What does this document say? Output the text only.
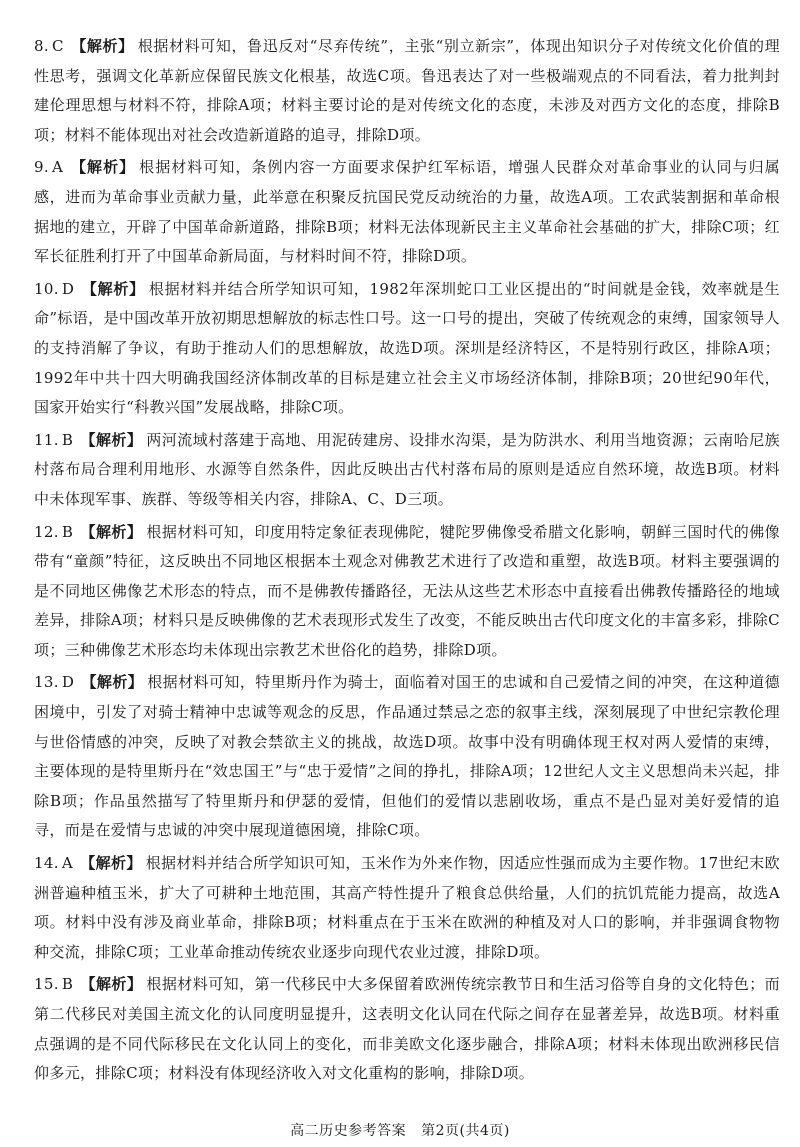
8. C 【解析】 根据材料可知，鲁迅反对“尽弃传统”，主张“别立新宗”，体现出知识分子对传统文化价值的理性思考，强调文化革新应保留民族文化根基，故选C项。鲁迅表达了对一些极端观点的不同看法，着力批判封建伦理思想与材料不符，排除A项；材料主要讨论的是对传统文化的态度，未涉及对西方文化的态度，排除B项；材料不能体现出对社会改造新道路的追寻，排除D项。

9. A 【解析】 根据材料可知，条例内容一方面要求保护红军标语，增强人民群众对革命事业的认同与归属感，进而为革命事业贡献力量，此举意在积聚反抗国民党反动统治的力量，故选A项。工农武装割据和革命根据地的建立，开辟了中国革命新道路，排除B项；材料无法体现新民主主义革命社会基础的扩大，排除C项；红军长征胜利打开了中国革命新局面，与材料时间不符，排除D项。

10. D 【解析】 根据材料并结合所学知识可知，1982年深圳蛇口工业区提出的“时间就是金钱，效率就是生命”标语，是中国改革开放初期思想解放的标志性口号。这一口号的提出，突破了传统观念的束缚，国家领导人的支持消解了争议，有助于推动人们的思想解放，故选D项。深圳是经济特区，不是特别行政区，排除A项；1992年中共十四大明确我国经济体制改革的目标是建立社会主义市场经济体制，排除B项；20世纪90年代，国家开始实行“科教兴国”发展战略，排除C项。

11. B 【解析】 两河流域村落建于高地、用泥砖建房、设排水沟渠，是为防洪水、利用当地资源；云南哈尼族村落布局合理利用地形、水源等自然条件，因此反映出古代村落布局的原则是适应自然环境，故选B项。材料中未体现军事、族群、等级等相关内容，排除A、C、D三项。

12. B 【解析】 根据材料可知，印度用特定象征表现佛陀，犍陀罗佛像受希腊文化影响，朝鲜三国时代的佛像带有“童颜”特征，这反映出不同地区根据本土观念对佛教艺术进行了改造和重塑，故选B项。材料主要强调的是不同地区佛像艺术形态的特点，而不是佛教传播路径，无法从这些艺术形态中直接看出佛教传播路径的地域差异，排除A项；材料只是反映佛像的艺术表现形式发生了改变，不能反映出古代印度文化的丰富多彩，排除C项；三种佛像艺术形态均未体现出宗教艺术世俗化的趋势，排除D项。

13. D 【解析】 根据材料可知，特里斯丹作为骑士，面临着对国王的忠诚和自己爱情之间的冲突，在这种道德困境中，引发了对骑士精神中忠诚等观念的反思，作品通过禁忌之恋的叙事主线，深刻展现了中世纪宗教伦理与世俗情感的冲突，反映了对教会禁欲主义的挑战，故选D项。故事中没有明确体现王权对两人爱情的束缚，主要体现的是特里斯丹在“效忠国王”与“忠于爱情”之间的挣扎，排除A项；12世纪人文主义思想尚未兴起，排除B项；作品虽然描写了特里斯丹和伊瑟的爱情，但他们的爱情以悲剧收场，重点不是凸显对美好爱情的追寻，而是在爱情与忠诚的冲突中展现道德困境，排除C项。

14. A 【解析】 根据材料并结合所学知识可知，玉米作为外来作物，因适应性强而成为主要作物。17世纪末欧洲普遍种植玉米，扩大了可耕种土地范围，其高产特性提升了粮食总供给量，人们的抗饥荒能力提高，故选A项。材料中没有涉及商业革命，排除B项；材料重点在于玉米在欧洲的种植及对人口的影响，并非强调食物物种交流，排除C项；工业革命推动传统农业逐步向现代农业过渡，排除D项。

15. B 【解析】 根据材料可知，第一代移民中大多保留着欧洲传统宗教节日和生活习俗等自身的文化特色；而第二代移民对美国主流文化的认同度明显提升，这表明文化认同在代际之间存在显著差异，故选B项。材料重点强调的是不同代际移民在文化认同上的变化，而非美欧文化逐步融合，排除A项；材料未体现出欧洲移民信仰多元，排除C项；材料没有体现经济收入对文化重构的影响，排除D项。

高二历史参考答案 第2页(共4页)
